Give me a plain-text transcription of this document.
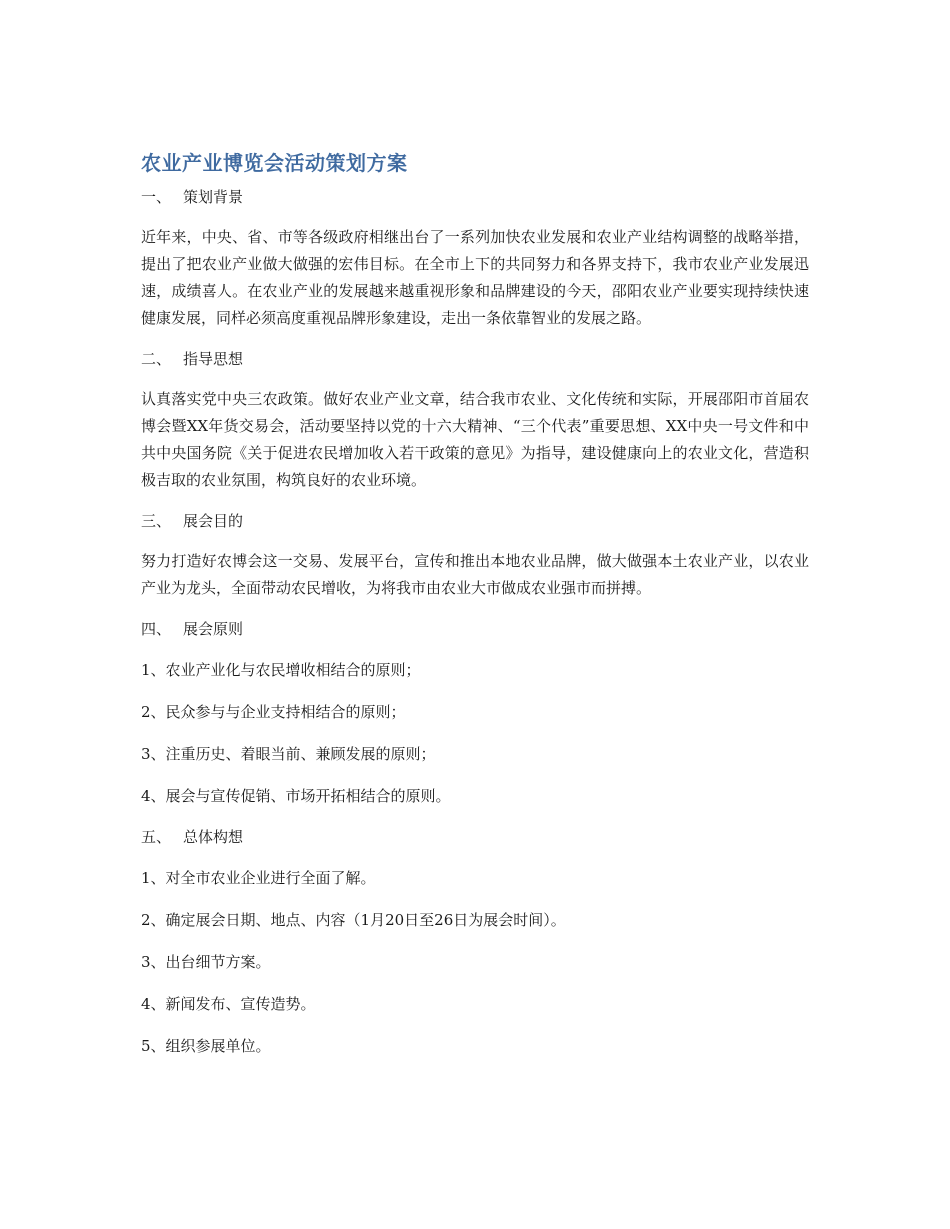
农业产业博览会活动策划方案
一、 策划背景

近年来，中央、省、市等各级政府相继出台了一系列加快农业发展和农业产业结构调整的战略举措，提出了把农业产业做大做强的宏伟目标。在全市上下的共同努力和各界支持下，我市农业产业发展迅速，成绩喜人。在农业产业的发展越来越重视形象和品牌建设的今天，邵阳农业产业要实现持续快速健康发展，同样必须高度重视品牌形象建设，走出一条依靠智业的发展之路。

二、 指导思想

认真落实党中央三农政策。做好农业产业文章，结合我市农业、文化传统和实际，开展邵阳市首届农博会暨XX年货交易会，活动要坚持以党的十六大精神、“三个代表”重要思想、XX中央一号文件和中共中央国务院《关于促进农民增加收入若干政策的意见》为指导，建设健康向上的农业文化，营造积极吉取的农业氛围，构筑良好的农业环境。

三、 展会目的

努力打造好农博会这一交易、发展平台，宣传和推出本地农业品牌，做大做强本土农业产业，以农业产业为龙头，全面带动农民增收，为将我市由农业大市做成农业强市而拼搏。

四、 展会原则

1、农业产业化与农民增收相结合的原则；

2、民众参与与企业支持相结合的原则；

3、注重历史、着眼当前、兼顾发展的原则；

4、展会与宣传促销、市场开拓相结合的原则。

五、 总体构想

1、对全市农业企业进行全面了解。

2、确定展会日期、地点、内容（1月20日至26日为展会时间）。

3、出台细节方案。

4、新闻发布、宣传造势。

5、组织参展单位。
